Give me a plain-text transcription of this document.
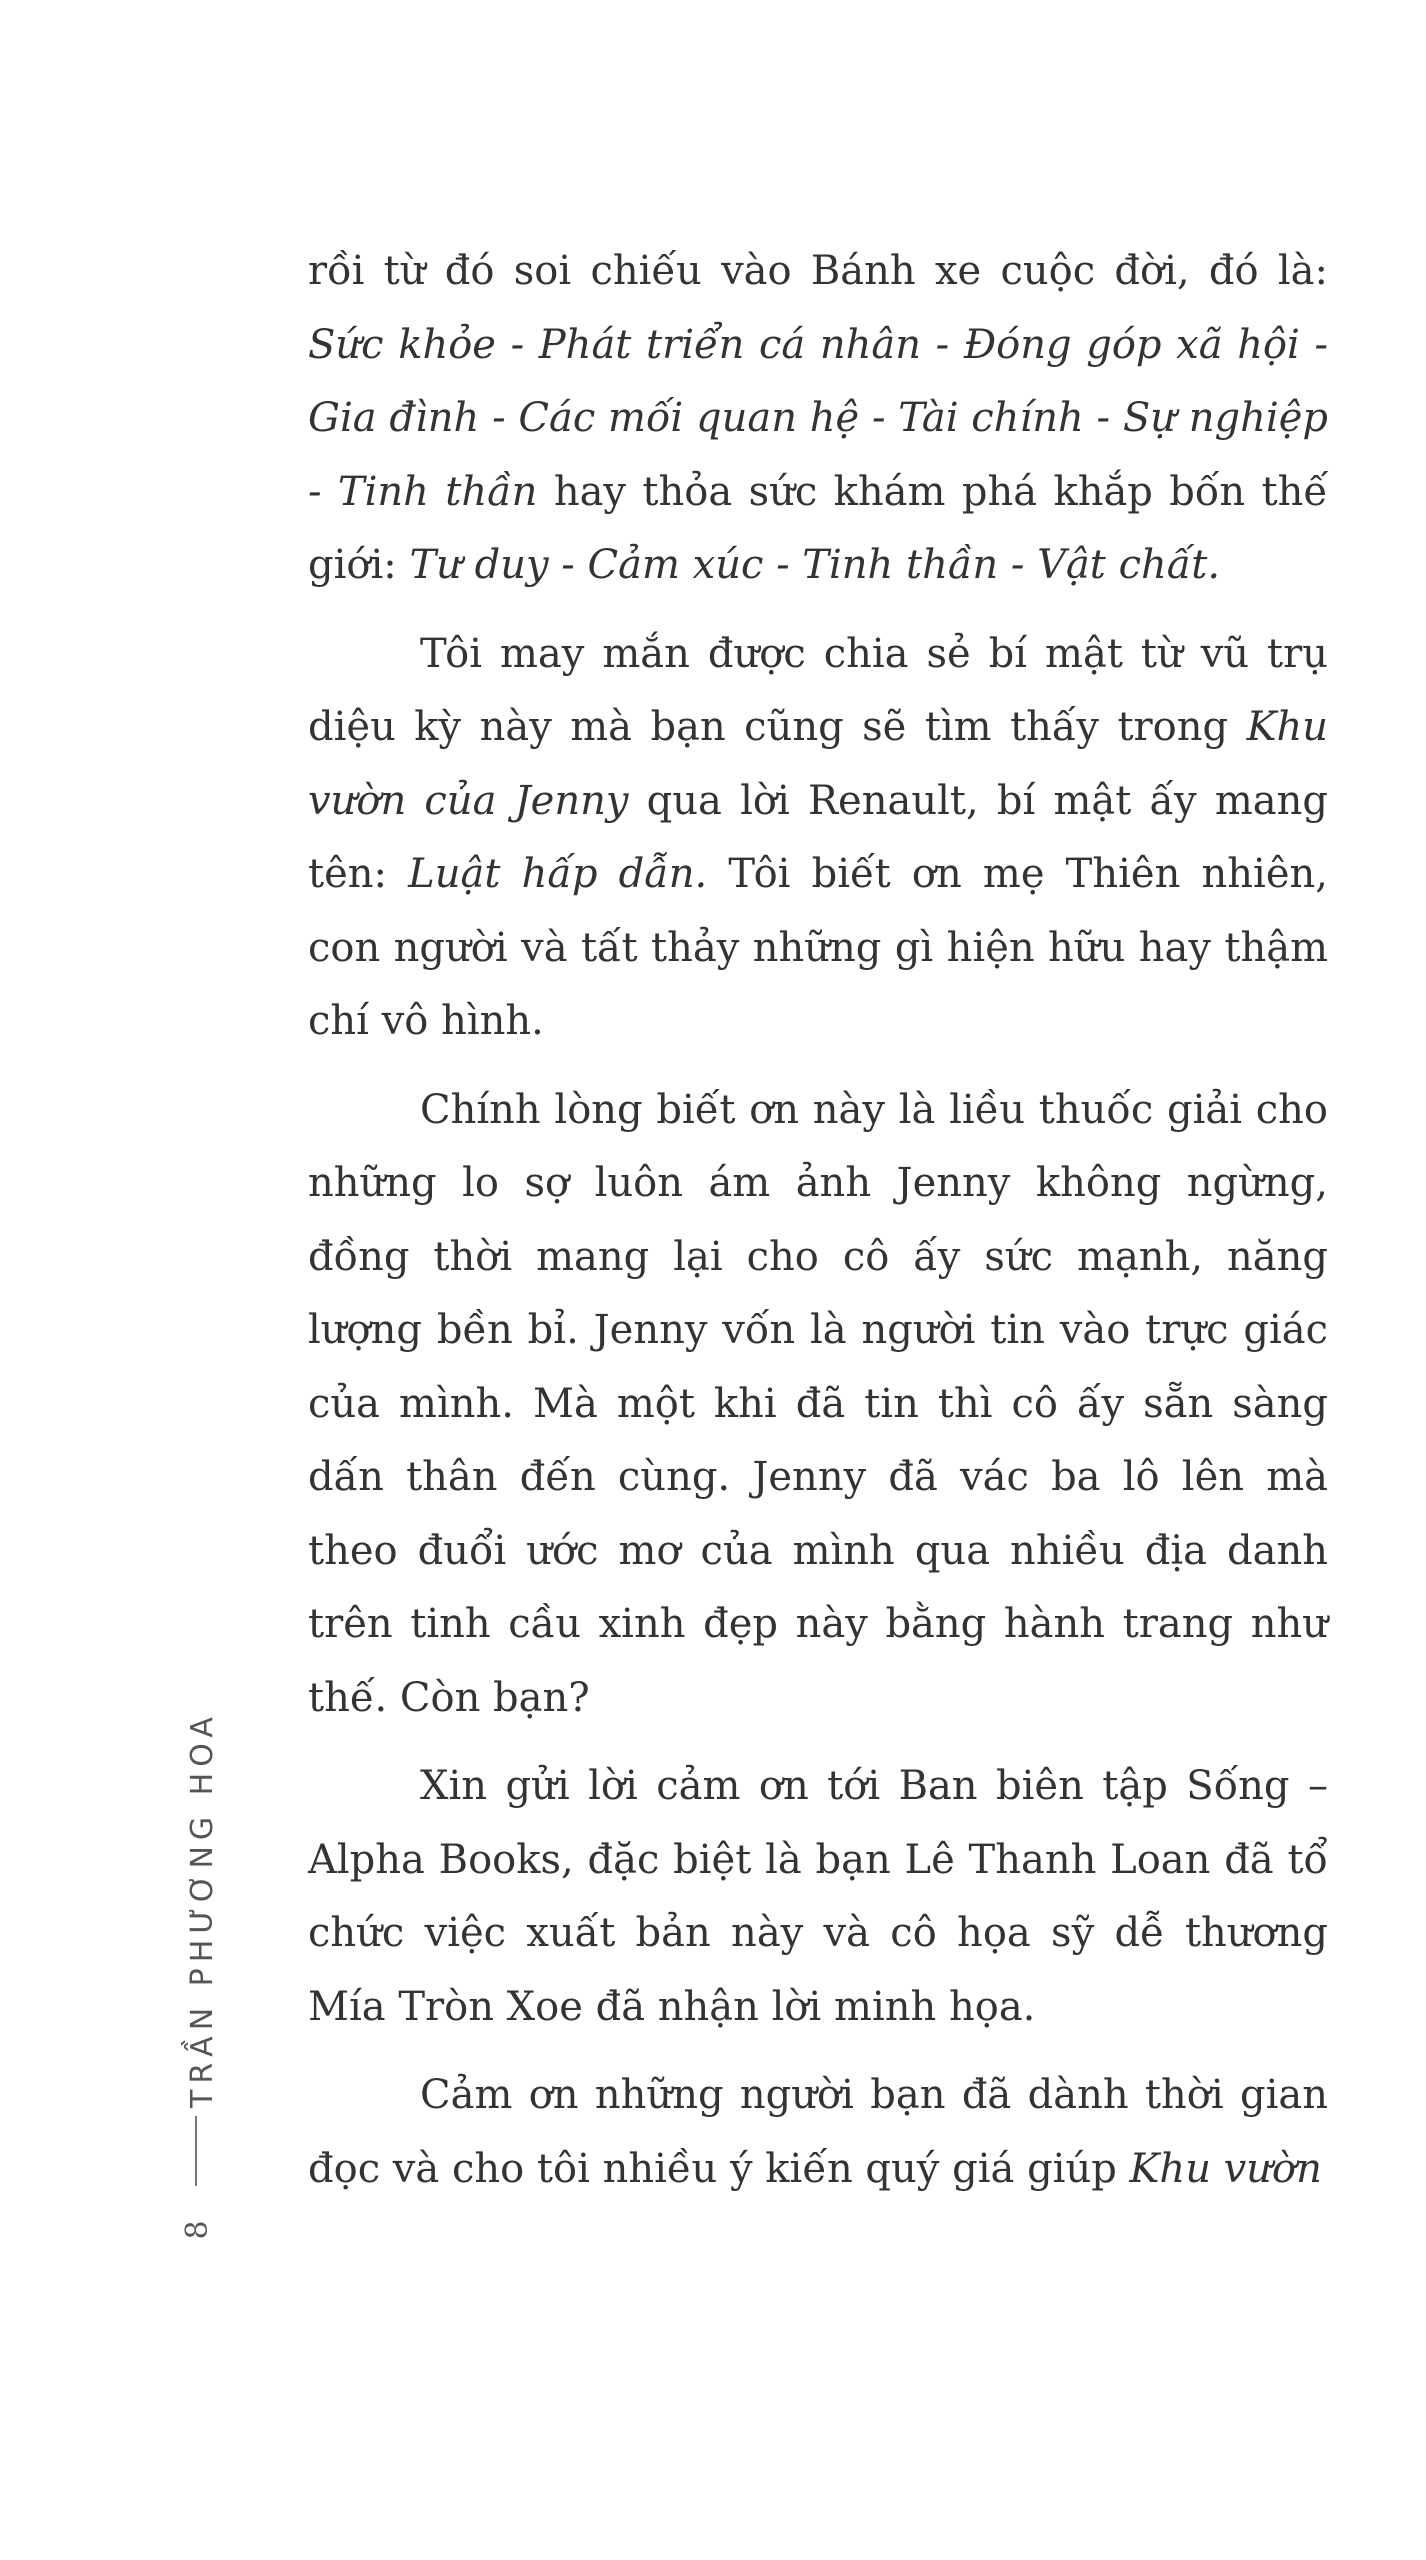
rồi từ đó soi chiếu vào Bánh xe cuộc đời, đó là: Sức khỏe - Phát triển cá nhân - Đóng góp xã hội - Gia đình - Các mối quan hệ - Tài chính - Sự nghiệp - Tinh thần hay thỏa sức khám phá khắp bốn thế giới: Tư duy - Cảm xúc - Tinh thần - Vật chất.

Tôi may mắn được chia sẻ bí mật từ vũ trụ diệu kỳ này mà bạn cũng sẽ tìm thấy trong Khu vườn của Jenny qua lời Renault, bí mật ấy mang tên: Luật hấp dẫn. Tôi biết ơn mẹ Thiên nhiên, con người và tất thảy những gì hiện hữu hay thậm chí vô hình.

Chính lòng biết ơn này là liều thuốc giải cho những lo sợ luôn ám ảnh Jenny không ngừng, đồng thời mang lại cho cô ấy sức mạnh, năng lượng bền bỉ. Jenny vốn là người tin vào trực giác của mình. Mà một khi đã tin thì cô ấy sẵn sàng dấn thân đến cùng. Jenny đã vác ba lô lên mà theo đuổi ước mơ của mình qua nhiều địa danh trên tinh cầu xinh đẹp này bằng hành trang như thế. Còn bạn?

Xin gửi lời cảm ơn tới Ban biên tập Sống – Alpha Books, đặc biệt là bạn Lê Thanh Loan đã tổ chức việc xuất bản này và cô họa sỹ dễ thương Mía Tròn Xoe đã nhận lời minh họa.

Cảm ơn những người bạn đã dành thời gian đọc và cho tôi nhiều ý kiến quý giá giúp Khu vườn

TRẦN PHƯƠNG HOA
8
